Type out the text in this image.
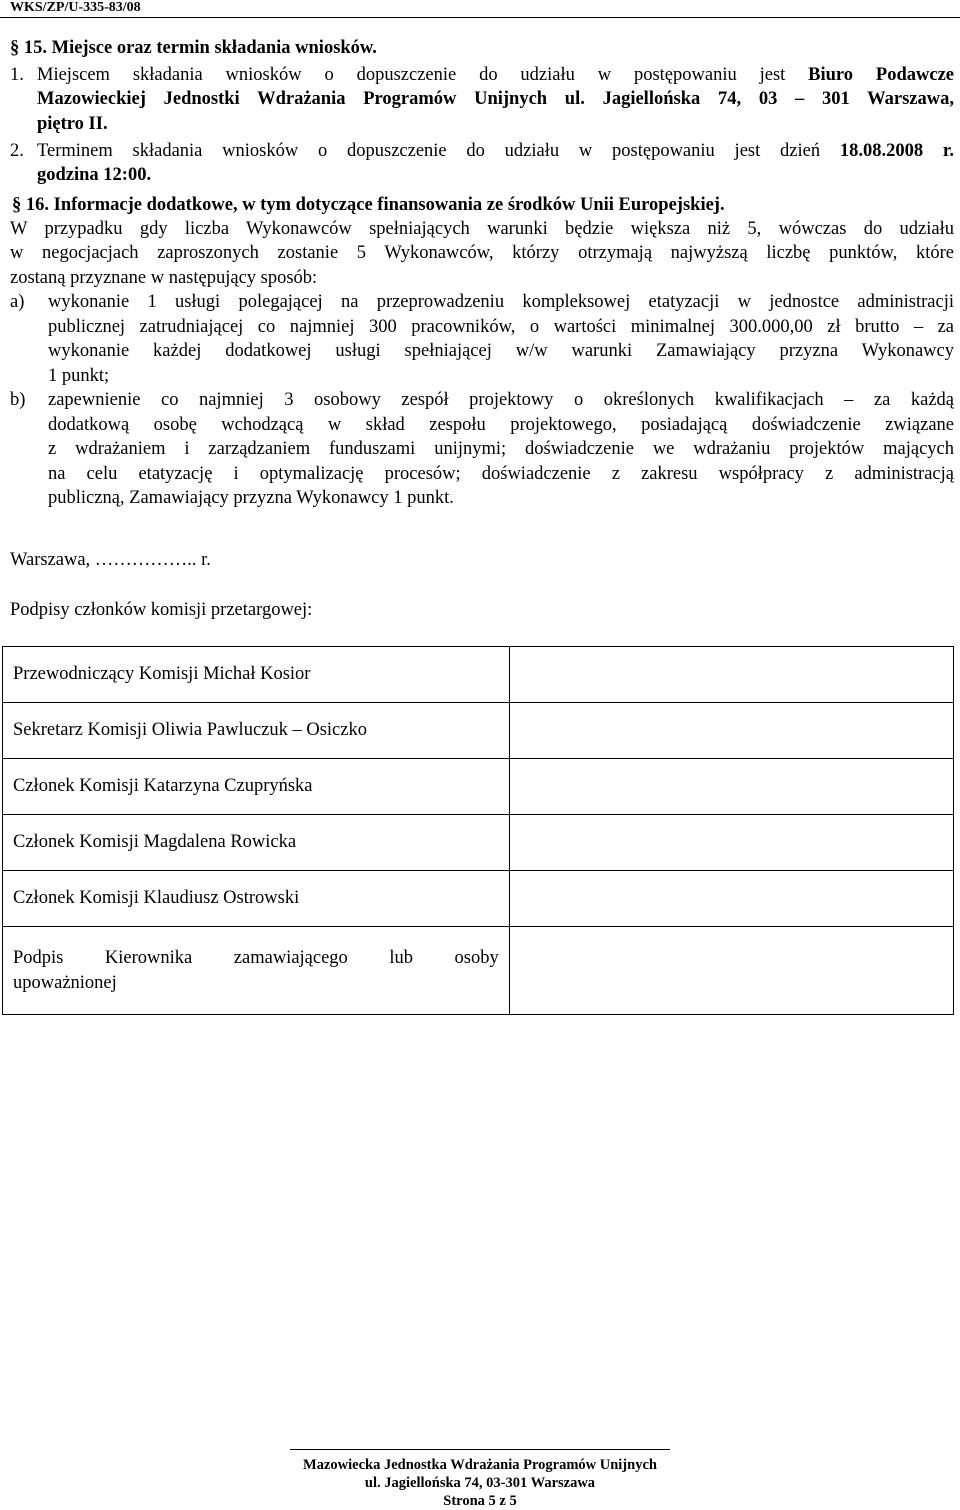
WKS/ZP/U-335-83/08
§ 15. Miejsce oraz termin składania wniosków.
1. Miejscem składania wniosków o dopuszczenie do udziału w postępowaniu jest Biuro Podawcze
Mazowieckiej Jednostki Wdrażania Programów Unijnych ul. Jagiellońska 74, 03 – 301 Warszawa,
piętro II.
2. Terminem składania wniosków o dopuszczenie do udziału w postępowaniu jest dzień 18.08.2008 r.
godzina 12:00.
§ 16. Informacje dodatkowe, w tym dotyczące finansowania ze środków Unii Europejskiej.
W przypadku gdy liczba Wykonawców spełniających warunki będzie większa niż 5, wówczas do udziału
w negocjacjach zaproszonych zostanie 5 Wykonawców, którzy otrzymają najwyższą liczbę punktów, które
zostaną przyznane w następujący sposób:
a) wykonanie 1 usługi polegającej na przeprowadzeniu kompleksowej etatyzacji w jednostce administracji
publicznej zatrudniającej co najmniej 300 pracowników, o wartości minimalnej 300.000,00 zł brutto – za
wykonanie każdej dodatkowej usługi spełniającej w/w warunki Zamawiający przyzna Wykonawcy
1 punkt;
b) zapewnienie co najmniej 3 osobowy zespół projektowy o określonych kwalifikacjach – za każdą
dodatkową osobę wchodzącą w skład zespołu projektowego, posiadającą doświadczenie związane
z wdrażaniem i zarządzaniem funduszami unijnymi; doświadczenie we wdrażaniu projektów mających
na celu etatyzację i optymalizację procesów; doświadczenie z zakresu współpracy z administracją
publiczną, Zamawiający przyzna Wykonawcy 1 punkt.
Warszawa, …………….. r.
Podpisy członków komisji przetargowej:
Przewodniczący Komisji Michał Kosior	
Sekretarz Komisji Oliwia Pawluczuk – Osiczko	
Członek Komisji Katarzyna Czupryńska	
Członek Komisji Magdalena Rowicka	
Członek Komisji Klaudiusz Ostrowski	

Podpis Kierownika zamawiającego lub osoby
upoważnionej	

Mazowiecka Jednostka Wdrażania Programów Unijnych
ul. Jagiellońska 74, 03-301 Warszawa
Strona 5 z 5
